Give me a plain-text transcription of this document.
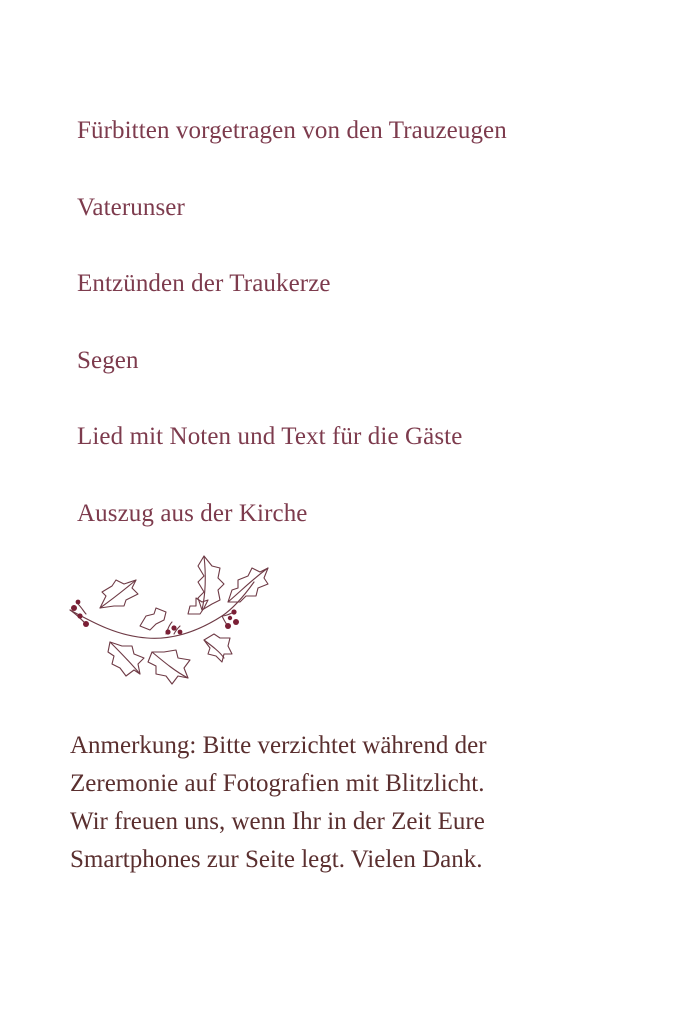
Fürbitten vorgetragen von den Trauzeugen
Vaterunser
Entzünden der Traukerze
Segen
Lied mit Noten und Text für die Gäste
Auszug aus der Kirche

Anmerkung: Bitte verzichtet während der
Zeremonie auf Fotografien mit Blitzlicht.
Wir freuen uns, wenn Ihr in der Zeit Eure
Smartphones zur Seite legt. Vielen Dank.
